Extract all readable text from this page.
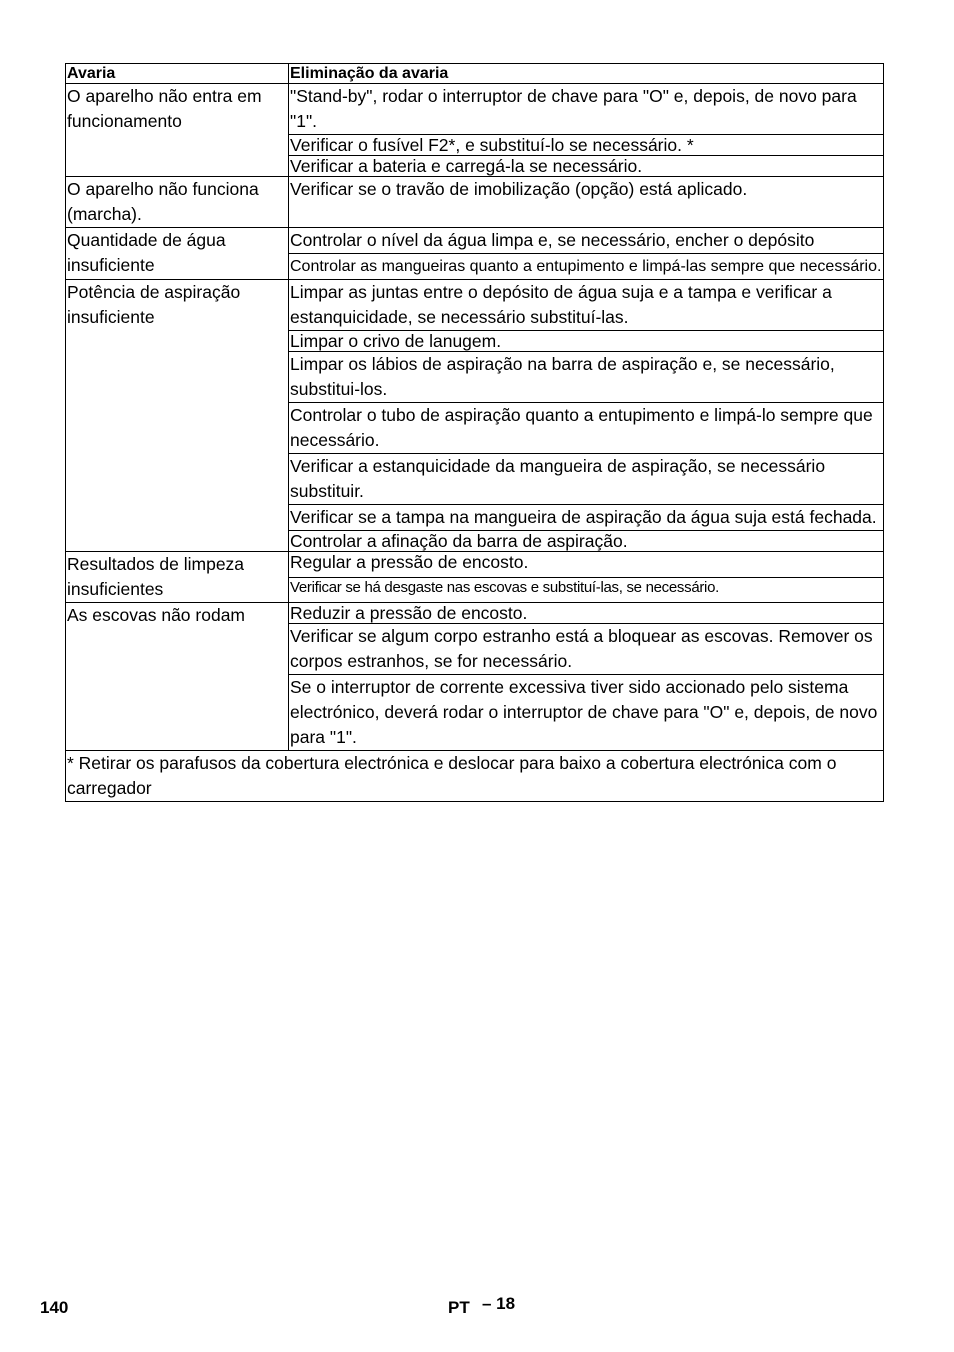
Avaria	Eliminação da avaria
O aparelho não entra em funcionamento	"Stand-by", rodar o interruptor de chave para "O" e, depois, de novo para "1".
	Verificar o fusível F2*, e substituí-lo se necessário. *
	Verificar a bateria e carregá-la se necessário.
O aparelho não funciona (marcha).	Verificar se o travão de imobilização (opção) está aplicado.
Quantidade de água insuficiente	Controlar o nível da água limpa e, se necessário, encher o depósito
	Controlar as mangueiras quanto a entupimento e limpá-las sempre que necessário.
Potência de aspiração insuficiente	Limpar as juntas entre o depósito de água suja e a tampa e verificar a estanquicidade, se necessário substituí-las.
	Limpar o crivo de lanugem.
	Limpar os lábios de aspiração na barra de aspiração e, se necessário, substitui-los.
	Controlar o tubo de aspiração quanto a entupimento e limpá-lo sempre que necessário.
	Verificar a estanquicidade da mangueira de aspiração, se necessário substituir.
	Verificar se a tampa na mangueira de aspiração da água suja está fechada.
	Controlar a afinação da barra de aspiração.
Resultados de limpeza insuficientes	Regular a pressão de encosto.
	Verificar se há desgaste nas escovas e substituí-las, se necessário.
As escovas não rodam	Reduzir a pressão de encosto.
	Verificar se algum corpo estranho está a bloquear as escovas. Remover os corpos estranhos, se for necessário.
	Se o interruptor de corrente excessiva tiver sido accionado pelo sistema electrónico, deverá rodar o interruptor de chave para "O" e, depois, de novo para "1".
* Retirar os parafusos da cobertura electrónica e deslocar para baixo a cobertura electrónica com o carregador	
140	PT – 18
